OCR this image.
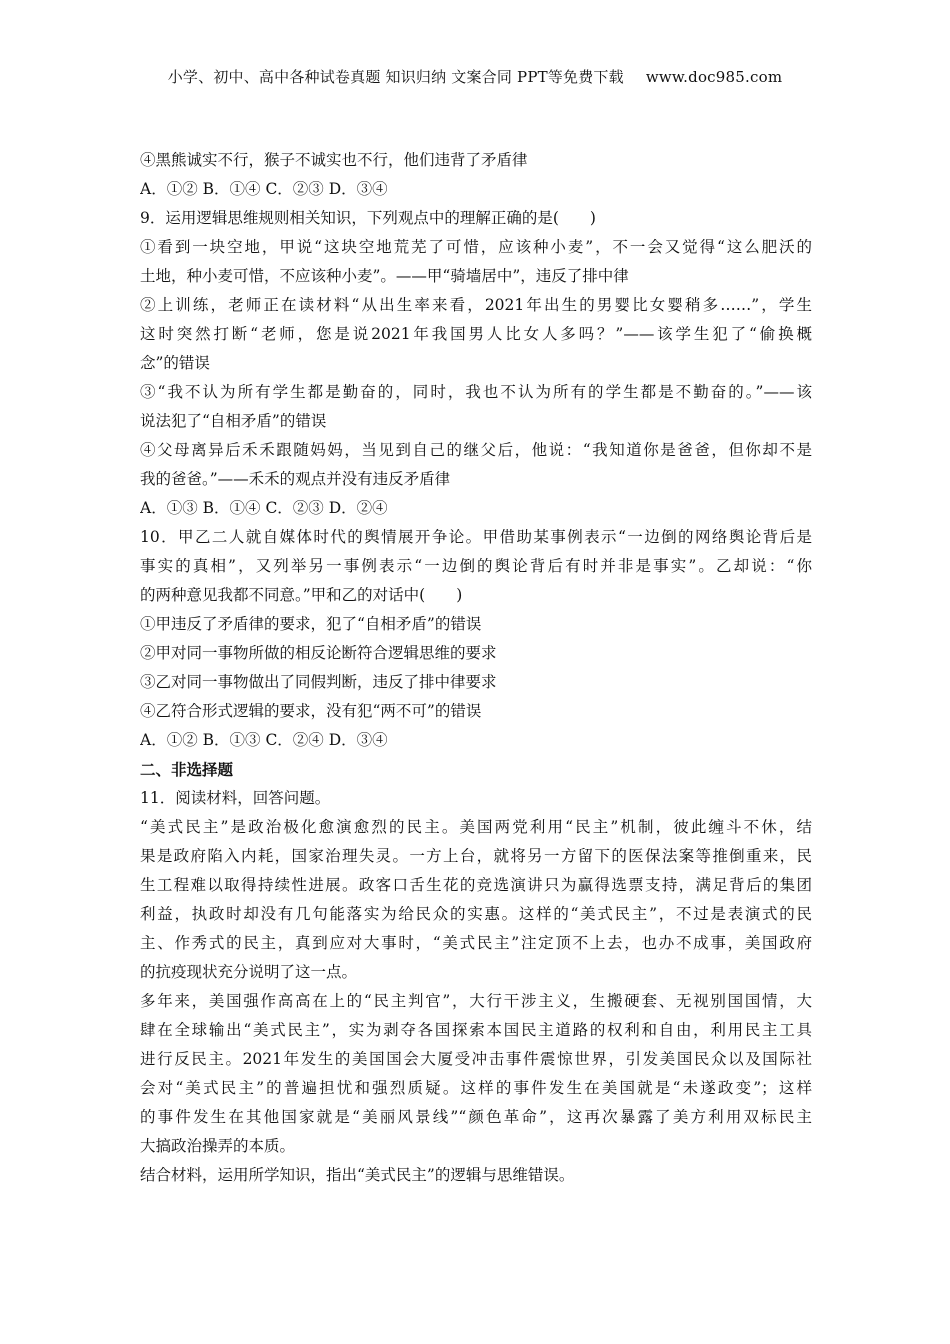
小学、初中、高中各种试卷真题 知识归纳 文案合同 PPT等免费下载 www.doc985.com
④黑熊诚实不行，猴子不诚实也不行，他们违背了矛盾律
A．①② B．①④ C．②③ D．③④
9．运用逻辑思维规则相关知识，下列观点中的理解正确的是(　　)
①看到一块空地，甲说“这块空地荒芜了可惜，应该种小麦”，不一会又觉得“这么肥沃的
土地，种小麦可惜，不应该种小麦”。——甲“骑墙居中”，违反了排中律
②上训练，老师正在读材料“从出生率来看，2021年出生的男婴比女婴稍多……”，学生
这时突然打断“老师，您是说2021年我国男人比女人多吗？”——该学生犯了“偷换概
念”的错误
③“我不认为所有学生都是勤奋的，同时，我也不认为所有的学生都是不勤奋的。”——该
说法犯了“自相矛盾”的错误
④父母离异后禾禾跟随妈妈，当见到自己的继父后，他说：“我知道你是爸爸，但你却不是
我的爸爸。”——禾禾的观点并没有违反矛盾律
A．①③ B．①④ C．②③ D．②④
10．甲乙二人就自媒体时代的舆情展开争论。甲借助某事例表示“一边倒的网络舆论背后是
事实的真相”，又列举另一事例表示“一边倒的舆论背后有时并非是事实”。乙却说：“你
的两种意见我都不同意。”甲和乙的对话中(　　)
①甲违反了矛盾律的要求，犯了“自相矛盾”的错误
②甲对同一事物所做的相反论断符合逻辑思维的要求
③乙对同一事物做出了同假判断，违反了排中律要求
④乙符合形式逻辑的要求，没有犯“两不可”的错误
A．①② B．①③ C．②④ D．③④
二、非选择题
11．阅读材料，回答问题。
“美式民主”是政治极化愈演愈烈的民主。美国两党利用“民主”机制，彼此缠斗不休，结
果是政府陷入内耗，国家治理失灵。一方上台，就将另一方留下的医保法案等推倒重来，民
生工程难以取得持续性进展。政客口舌生花的竞选演讲只为赢得选票支持，满足背后的集团
利益，执政时却没有几句能落实为给民众的实惠。这样的“美式民主”，不过是表演式的民
主、作秀式的民主，真到应对大事时，“美式民主”注定顶不上去，也办不成事，美国政府
的抗疫现状充分说明了这一点。
多年来，美国强作高高在上的“民主判官”，大行干涉主义，生搬硬套、无视别国国情，大
肆在全球输出“美式民主”，实为剥夺各国探索本国民主道路的权利和自由，利用民主工具
进行反民主。2021年发生的美国国会大厦受冲击事件震惊世界，引发美国民众以及国际社
会对“美式民主”的普遍担忧和强烈质疑。这样的事件发生在美国就是“未遂政变”；这样
的事件发生在其他国家就是“美丽风景线”“颜色革命”，这再次暴露了美方利用双标民主
大搞政治操弄的本质。
结合材料，运用所学知识，指出“美式民主”的逻辑与思维错误。
